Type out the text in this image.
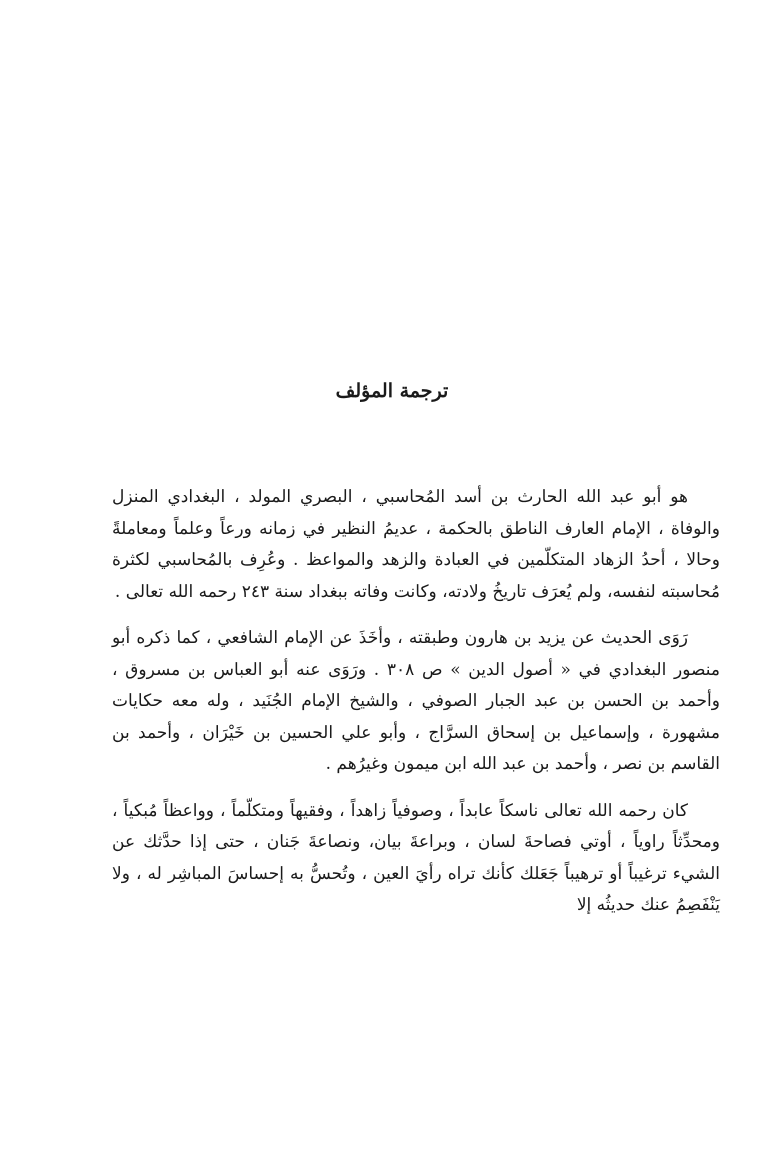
ترجمة المؤلف

هو أبو عبد الله الحارث بن أسد المُحاسبي ، البصري المولد ، البغدادي المنزل والوفاة ، الإمام العارف الناطق بالحكمة ، عديمُ النظير في زمانه ورعاً وعلماً ومعاملةً وحالا ، أحدُ الزهاد المتكلّمين في العبادة والزهد والمواعظ . وعُرِف بالمُحاسبي لكثرة مُحاسبته لنفسه، ولم يُعرَف تاريخُ ولادته، وكانت وفاته ببغداد سنة ٢٤٣ رحمه الله تعالى .

رَوَى الحديث عن يزيد بن هارون وطبقته ، وأخَذَ عن الإمام الشافعي ، كما ذكره أبو منصور البغدادي في « أصول الدين » ص ٣٠٨ . ورَوَى عنه أبو العباس بن مسروق ، وأحمد بن الحسن بن عبد الجبار الصوفي ، والشيخ الإمام الجُنَيد ، وله معه حكايات مشهورة ، وإسماعيل بن إسحاق السرَّاج ، وأبو علي الحسين بن خَيْرَان ، وأحمد بن القاسم بن نصر ، وأحمد بن عبد الله ابن ميمون وغيرُهم .

كان رحمه الله تعالى ناسكاً عابداً ، وصوفياً زاهداً ، وفقيهاً ومتكلّماً ، وواعظاً مُبكياً ، ومحدِّثاً راوياً ، أوتي فصاحةَ لسان ، وبراعةَ بيان، ونصاعةَ جَنان ، حتى إذا حدَّثك عن الشيء ترغيباً أو ترهيباً جَعَلك كأنك تراه رأيَ العين ، وتُحسُّ به إحساسَ المباشِر له ، ولا يَنْفَصِمُ عنك حديثُه إلا
